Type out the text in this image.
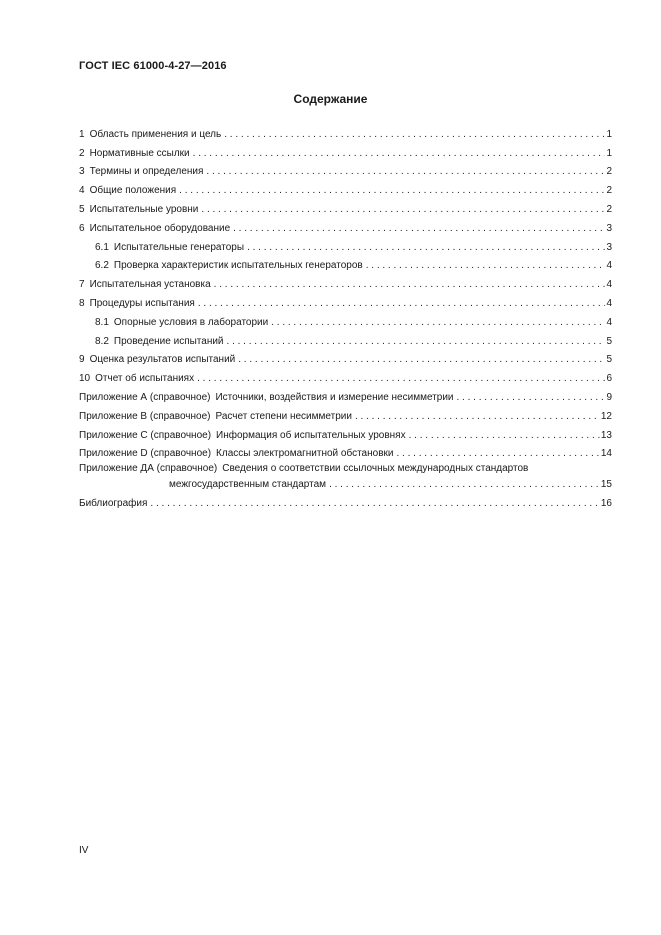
ГОСТ IEC 61000-4-27—2016
Содержание
1 Область применения и цель . . .	1
2 Нормативные ссылки . . .	1
3 Термины и определения . . .	2
4 Общие положения . . .	2
5 Испытательные уровни . . .	2
6 Испытательное оборудование . . .	3
6.1 Испытательные генераторы . . .	3
6.2 Проверка характеристик испытательных генераторов . . .	4
7 Испытательная установка . . .	4
8 Процедуры испытания . . .	4
8.1 Опорные условия в лаборатории . . .	4
8.2 Проведение испытаний . . .	5
9 Оценка результатов испытаний . . .	5
10 Отчет об испытаниях . . .	6
Приложение А (справочное) Источники, воздействия и измерение несимметрии . . .	9
Приложение В (справочное) Расчет степени несимметрии . . .	12
Приложение С (справочное) Информация об испытательных уровнях . . .	13
Приложение D (справочное) Классы электромагнитной обстановки . . .	14
Приложение ДА (справочное) Сведения о соответствии ссылочных международных стандартов
межгосударственным стандартам . . .	15
Библиография . . .	16
IV
